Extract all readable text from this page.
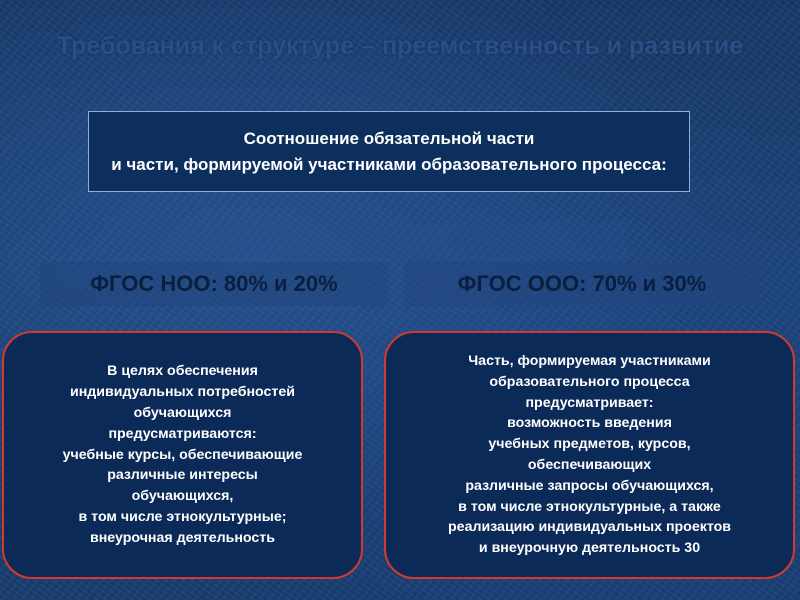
Требования к структуре – преемственность и развитие
Соотношение обязательной части
и части, формируемой участниками образовательного процесса:
ФГОС НОО: 80% и 20%	ФГОС ООО: 70% и 30%
В целях обеспечения
индивидуальных потребностей
обучающихся
предусматриваются:
учебные курсы, обеспечивающие
различные интересы
обучающихся,
в том числе этнокультурные;
внеурочная деятельность
Часть, формируемая участниками
образовательного процесса
предусматривает:
возможность введения
учебных предметов, курсов,
обеспечивающих
различные запросы обучающихся,
в том числе этнокультурные, а также
реализацию индивидуальных проектов
и внеурочную деятельность 30
